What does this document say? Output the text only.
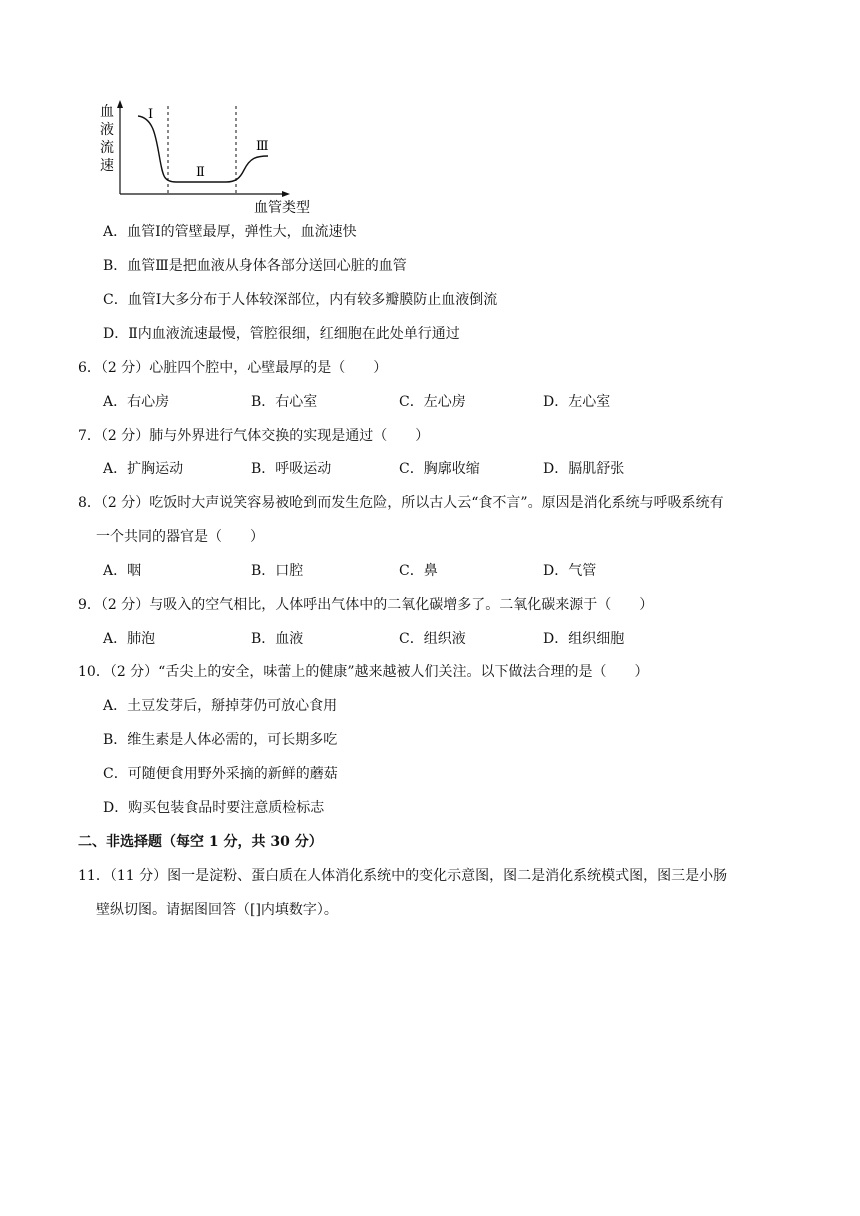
血
液
流
速
Ⅰ
Ⅱ
Ⅲ
血管类型
A．血管Ⅰ的管壁最厚，弹性大，血流速快
B．血管Ⅲ是把血液从身体各部分送回心脏的血管
C．血管Ⅰ大多分布于人体较深部位，内有较多瓣膜防止血液倒流
D．Ⅱ内血液流速最慢，管腔很细，红细胞在此处单行通过
6．（2 分）心脏四个腔中，心壁最厚的是（　　）
A．右心房	B．右心室	C．左心房	D．左心室
7．（2 分）肺与外界进行气体交换的实现是通过（　　）
A．扩胸运动	B．呼吸运动	C．胸廓收缩	D．膈肌舒张
8．（2 分）吃饭时大声说笑容易被呛到而发生危险，所以古人云“食不言”。原因是消化系统与呼吸系统有
一个共同的器官是（　　）
A．咽	B．口腔	C．鼻	D．气管
9．（2 分）与吸入的空气相比，人体呼出气体中的二氧化碳增多了。二氧化碳来源于（　　）
A．肺泡	B．血液	C．组织液	D．组织细胞
10．（2 分）“舌尖上的安全，味蕾上的健康”越来越被人们关注。以下做法合理的是（　　）
A．土豆发芽后，掰掉芽仍可放心食用
B．维生素是人体必需的，可长期多吃
C．可随便食用野外采摘的新鲜的蘑菇
D．购买包装食品时要注意质检标志
二、非选择题（每空 1 分，共 30 分）
11．（11 分）图一是淀粉、蛋白质在人体消化系统中的变化示意图，图二是消化系统模式图，图三是小肠
壁纵切图。请据图回答（[]内填数字）。
